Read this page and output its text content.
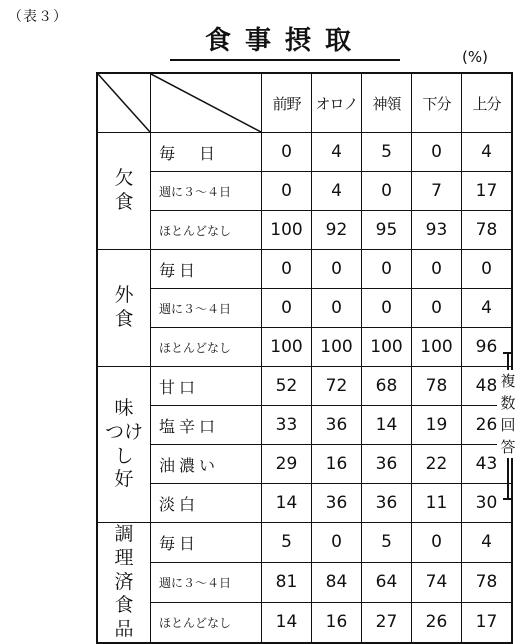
（表３）
食事摂取
(%)

	前野	オロノ	神領	下分	上分

欠
食	毎　日	0	4	5	0	4
	週に３〜４日	0	4	0	7	17
	ほとんどなし	100	92	95	93	78

外
食	毎日	0	0	0	0	0
	週に３〜４日	0	0	0	0	4
	ほとんどなし	100	100	100	100	96

味
つけし
好	甘口	52	72	68	78	48
	塩辛口	33	36	14	19	26
	油濃い	29	16	36	22	43
	淡白	14	36	36	11	30

調
理
済
食
品	毎日	5	0	5	0	4
	週に３〜４日	81	84	64	74	78
	ほとんどなし	14	16	27	26	17
複
数
回
答
